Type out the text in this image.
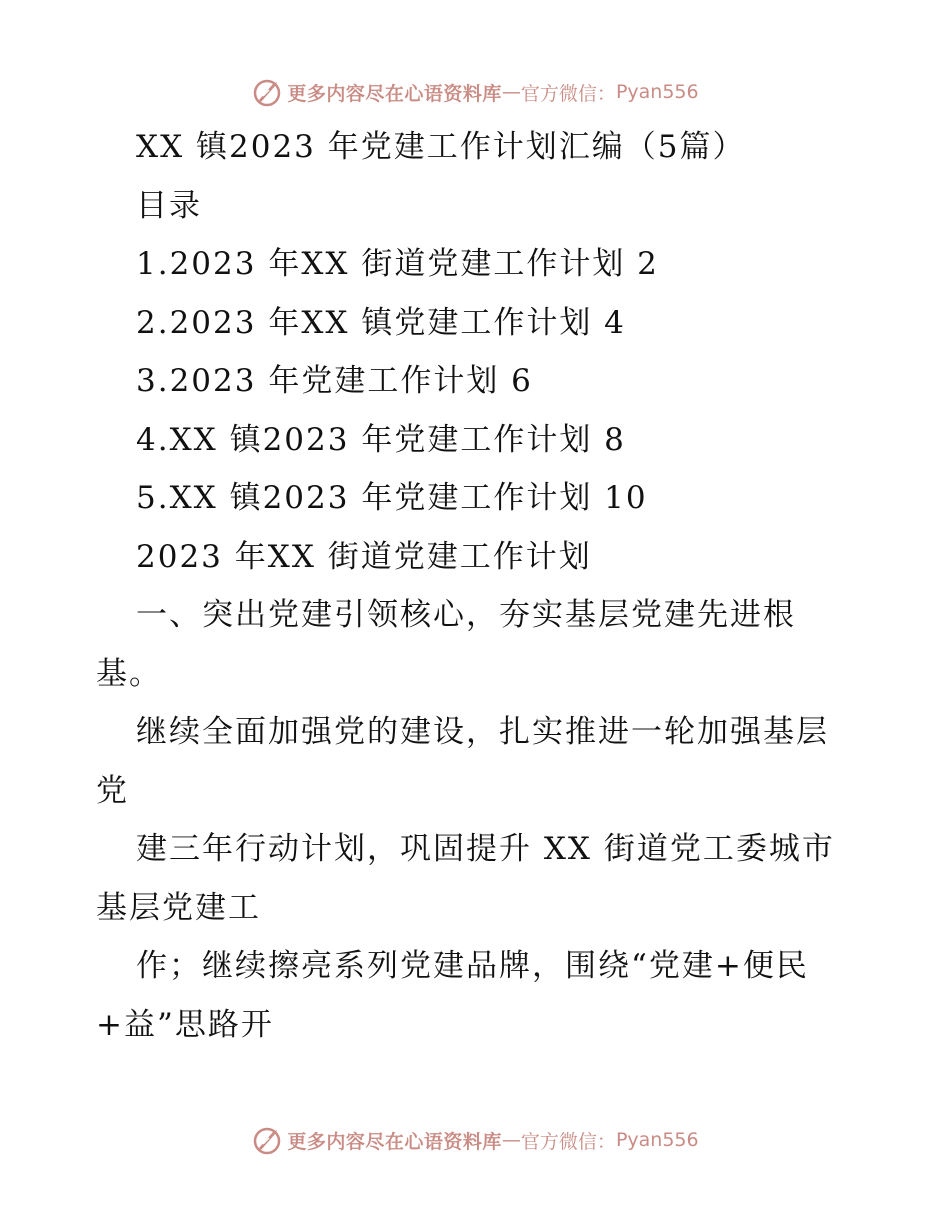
更多内容尽在心语资料库 — 官方微信： Pyan556
XX 镇2023 年党建工作计划汇编（5篇）
目录
1.2023 年XX 街道党建工作计划 2
2.2023 年XX 镇党建工作计划 4
3.2023 年党建工作计划 6
4.XX 镇2023 年党建工作计划 8
5.XX 镇2023 年党建工作计划 10
2023 年XX 街道党建工作计划
一、突出党建引领核心，夯实基层党建先进根
基。
继续全面加强党的建设，扎实推进一轮加强基层
党
建三年行动计划，巩固提升 XX 街道党工委城市
基层党建工
作；继续擦亮系列党建品牌，围绕“党建+便民
+益”思路开
更多内容尽在心语资料库 — 官方微信： Pyan556
